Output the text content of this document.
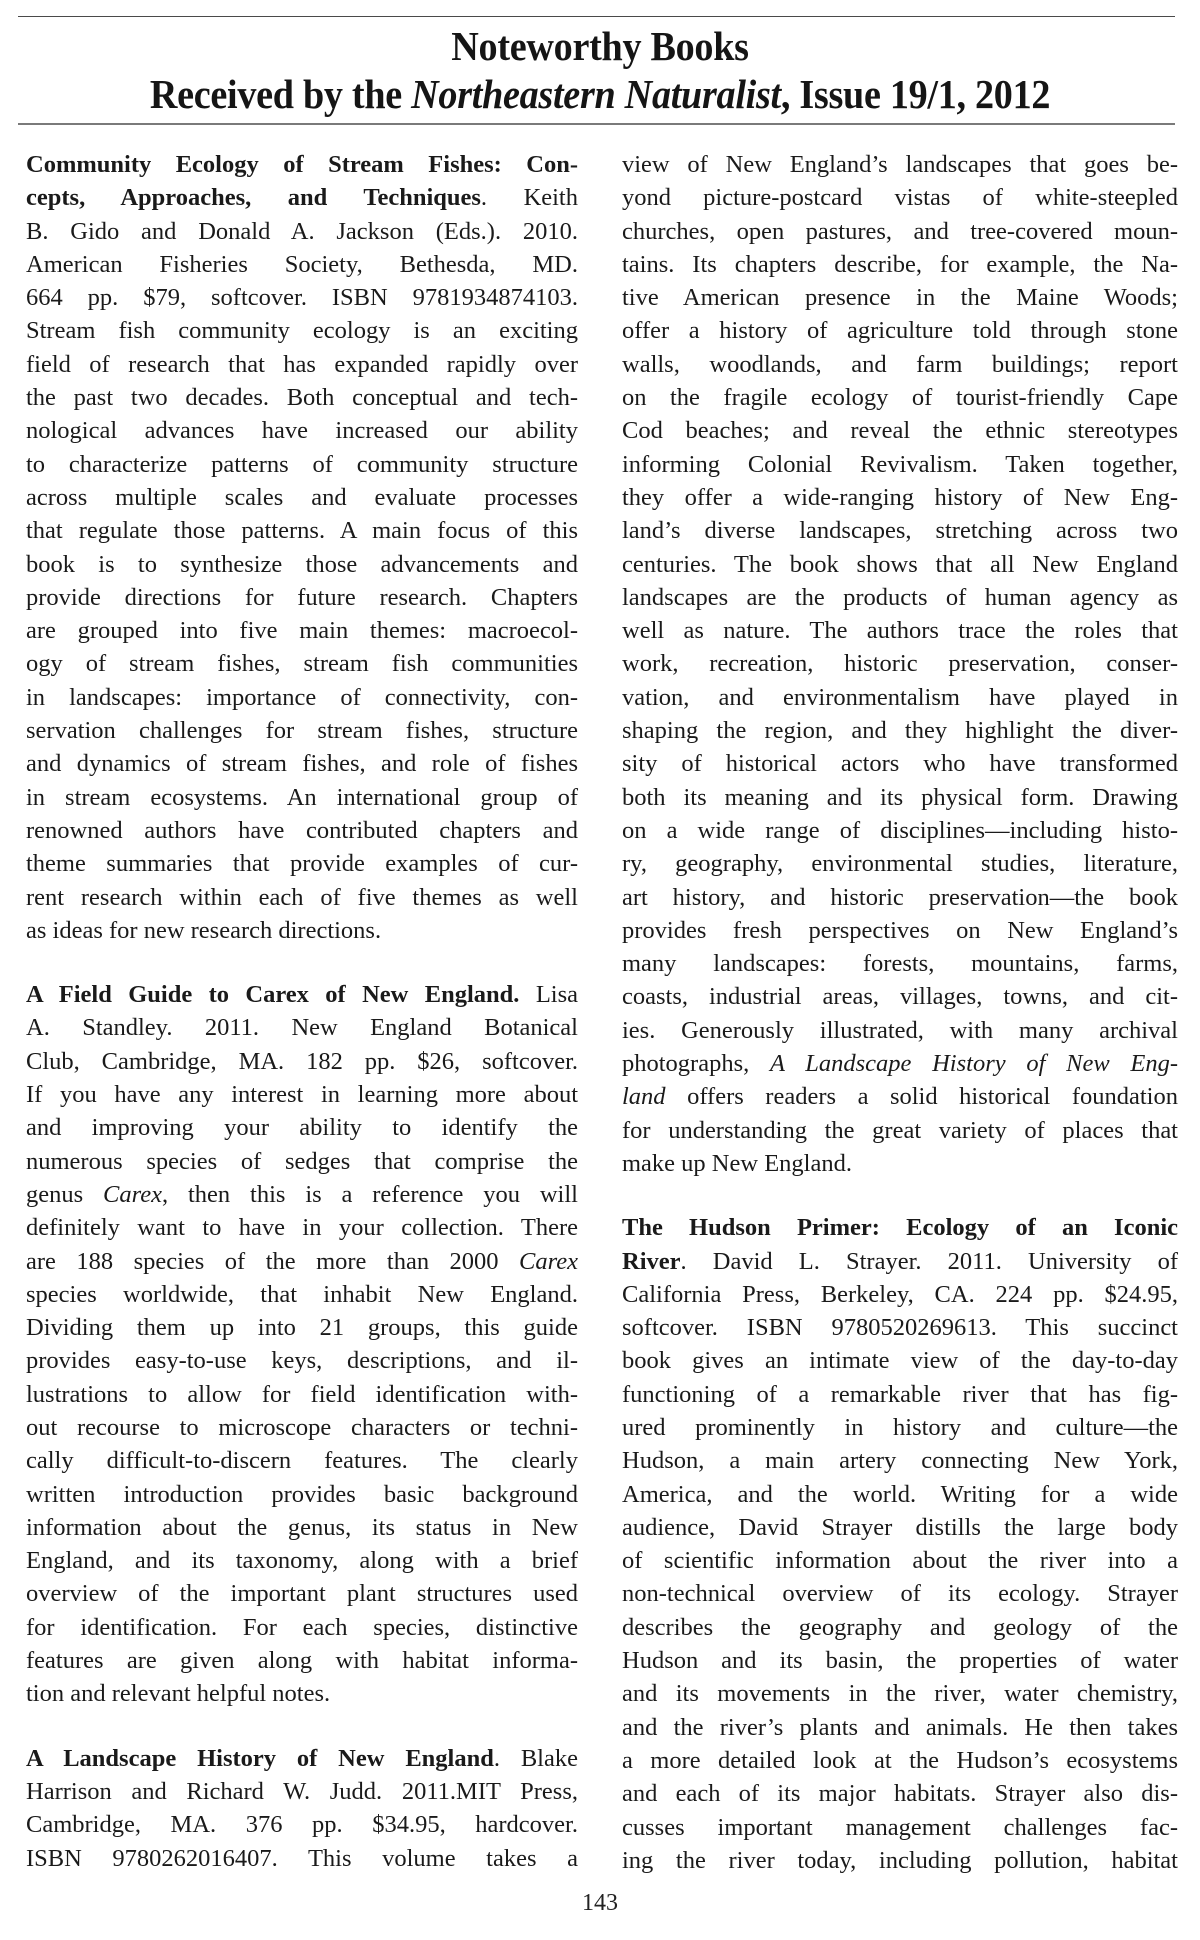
Noteworthy Books
Received by the Northeastern Naturalist, Issue 19/1, 2012
Community Ecology of Stream Fishes: Con-
cepts, Approaches, and Techniques. Keith
B. Gido and Donald A. Jackson (Eds.). 2010.
American Fisheries Society, Bethesda, MD.
664 pp. $79, softcover. ISBN 9781934874103.
Stream fish community ecology is an exciting
field of research that has expanded rapidly over
the past two decades. Both conceptual and tech-
nological advances have increased our ability
to characterize patterns of community structure
across multiple scales and evaluate processes
that regulate those patterns. A main focus of this
book is to synthesize those advancements and
provide directions for future research. Chapters
are grouped into five main themes: macroecol-
ogy of stream fishes, stream fish communities
in landscapes: importance of connectivity, con-
servation challenges for stream fishes, structure
and dynamics of stream fishes, and role of fishes
in stream ecosystems. An international group of
renowned authors have contributed chapters and
theme summaries that provide examples of cur-
rent research within each of five themes as well
as ideas for new research directions.
A Field Guide to Carex of New England. Lisa
A. Standley. 2011. New England Botanical
Club, Cambridge, MA. 182 pp. $26, softcover.
If you have any interest in learning more about
and improving your ability to identify the
numerous species of sedges that comprise the
genus Carex, then this is a reference you will
definitely want to have in your collection. There
are 188 species of the more than 2000 Carex
species worldwide, that inhabit New England.
Dividing them up into 21 groups, this guide
provides easy-to-use keys, descriptions, and il-
lustrations to allow for field identification with-
out recourse to microscope characters or techni-
cally difficult-to-discern features. The clearly
written introduction provides basic background
information about the genus, its status in New
England, and its taxonomy, along with a brief
overview of the important plant structures used
for identification. For each species, distinctive
features are given along with habitat informa-
tion and relevant helpful notes.
A Landscape History of New England. Blake
Harrison and Richard W. Judd. 2011.MIT Press,
Cambridge, MA. 376 pp. $34.95, hardcover.
ISBN 9780262016407. This volume takes a
view of New England’s landscapes that goes be-
yond picture-postcard vistas of white-steepled
churches, open pastures, and tree-covered moun-
tains. Its chapters describe, for example, the Na-
tive American presence in the Maine Woods;
offer a history of agriculture told through stone
walls, woodlands, and farm buildings; report
on the fragile ecology of tourist-friendly Cape
Cod beaches; and reveal the ethnic stereotypes
informing Colonial Revivalism. Taken together,
they offer a wide-ranging history of New Eng-
land’s diverse landscapes, stretching across two
centuries. The book shows that all New England
landscapes are the products of human agency as
well as nature. The authors trace the roles that
work, recreation, historic preservation, conser-
vation, and environmentalism have played in
shaping the region, and they highlight the diver-
sity of historical actors who have transformed
both its meaning and its physical form. Drawing
on a wide range of disciplines—including histo-
ry, geography, environmental studies, literature,
art history, and historic preservation—the book
provides fresh perspectives on New England’s
many landscapes: forests, mountains, farms,
coasts, industrial areas, villages, towns, and cit-
ies. Generously illustrated, with many archival
photographs, A Landscape History of New Eng-
land offers readers a solid historical foundation
for understanding the great variety of places that
make up New England.
The Hudson Primer: Ecology of an Iconic
River. David L. Strayer. 2011. University of
California Press, Berkeley, CA. 224 pp. $24.95,
softcover. ISBN 9780520269613. This succinct
book gives an intimate view of the day-to-day
functioning of a remarkable river that has fig-
ured prominently in history and culture—the
Hudson, a main artery connecting New York,
America, and the world. Writing for a wide
audience, David Strayer distills the large body
of scientific information about the river into a
non-technical overview of its ecology. Strayer
describes the geography and geology of the
Hudson and its basin, the properties of water
and its movements in the river, water chemistry,
and the river’s plants and animals. He then takes
a more detailed look at the Hudson’s ecosystems
and each of its major habitats. Strayer also dis-
cusses important management challenges fac-
ing the river today, including pollution, habitat
143
